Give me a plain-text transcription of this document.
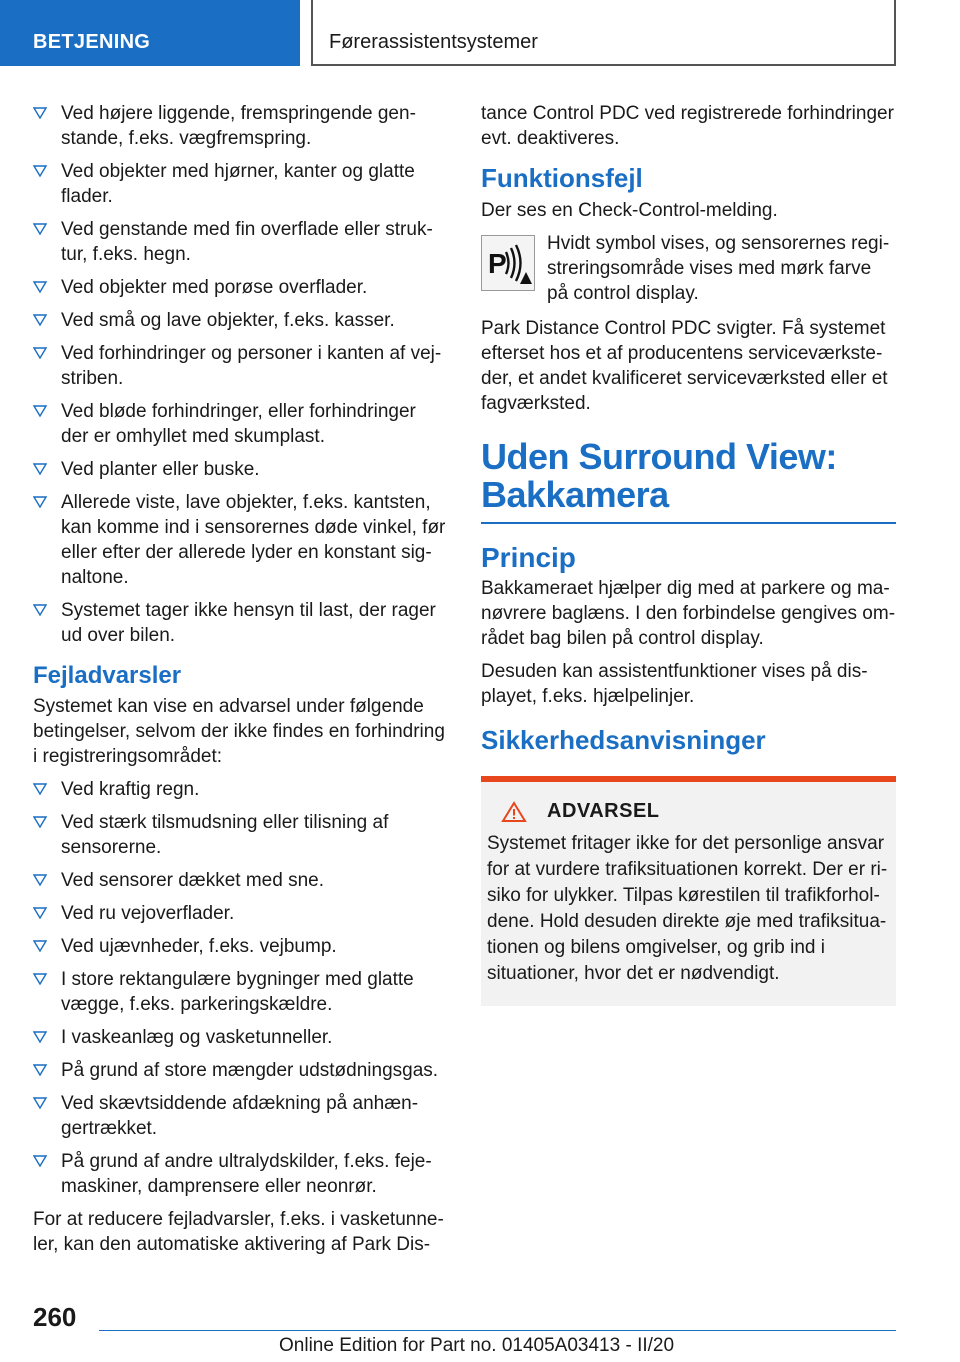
BETJENING	Førerassistentsystemer
Ved højere liggende, fremspringende genstande, f.eks. vægfremspring.
Ved objekter med hjørner, kanter og glatte flader.
Ved genstande med fin overflade eller struktur, f.eks. hegn.
Ved objekter med porøse overflader.
Ved små og lave objekter, f.eks. kasser.
Ved forhindringer og personer i kanten af vejstriben.
Ved bløde forhindringer, eller forhindringer der er omhyllet med skumplast.
Ved planter eller buske.
Allerede viste, lave objekter, f.eks. kantsten, kan komme ind i sensorernes døde vinkel, før eller efter der allerede lyder en konstant signaltone.
Systemet tager ikke hensyn til last, der rager ud over bilen.
Fejladvarsler
Systemet kan vise en advarsel under følgende betingelser, selvom der ikke findes en forhindring i registreringsområdet:
Ved kraftig regn.
Ved stærk tilsmudsning eller tilisning af sensorerne.
Ved sensorer dækket med sne.
Ved ru vejoverflader.
Ved ujævnheder, f.eks. vejbump.
I store rektangulære bygninger med glatte vægge, f.eks. parkeringskældre.
I vaskeanlæg og vasketunneller.
På grund af store mængder udstødningsgas.
Ved skævtsiddende afdækning på anhængertrækket.
På grund af andre ultralydskilder, f.eks. fejemaskiner, damprensere eller neonrør.
For at reducere fejladvarsler, f.eks. i vasketunneler, kan den automatiske aktivering af Park Dis-
tance Control PDC ved registrerede forhindringer evt. deaktiveres.
Funktionsfejl
Der ses en Check-Control-melding.
P
Hvidt symbol vises, og sensorernes registreringsområde vises med mørk farve på control display.
Park Distance Control PDC svigter. Få systemet efterset hos et af producentens serviceværksteder, et andet kvalificeret serviceværksted eller et fagværksted.
Uden Surround View:
Bakkamera
Princip
Bakkameraet hjælper dig med at parkere og manøvrere baglæns. I den forbindelse gengives området bag bilen på control display.
Desuden kan assistentfunktioner vises på displayet, f.eks. hjælpelinjer.
Sikkerhedsanvisninger
ADVARSEL
Systemet fritager ikke for det personlige ansvar for at vurdere trafiksituationen korrekt. Der er risiko for ulykker. Tilpas kørestilen til trafikforholdene. Hold desuden direkte øje med trafiksituationen og bilens omgivelser, og grib ind i situationer, hvor det er nødvendigt.
260
Online Edition for Part no. 01405A03413 - II/20
